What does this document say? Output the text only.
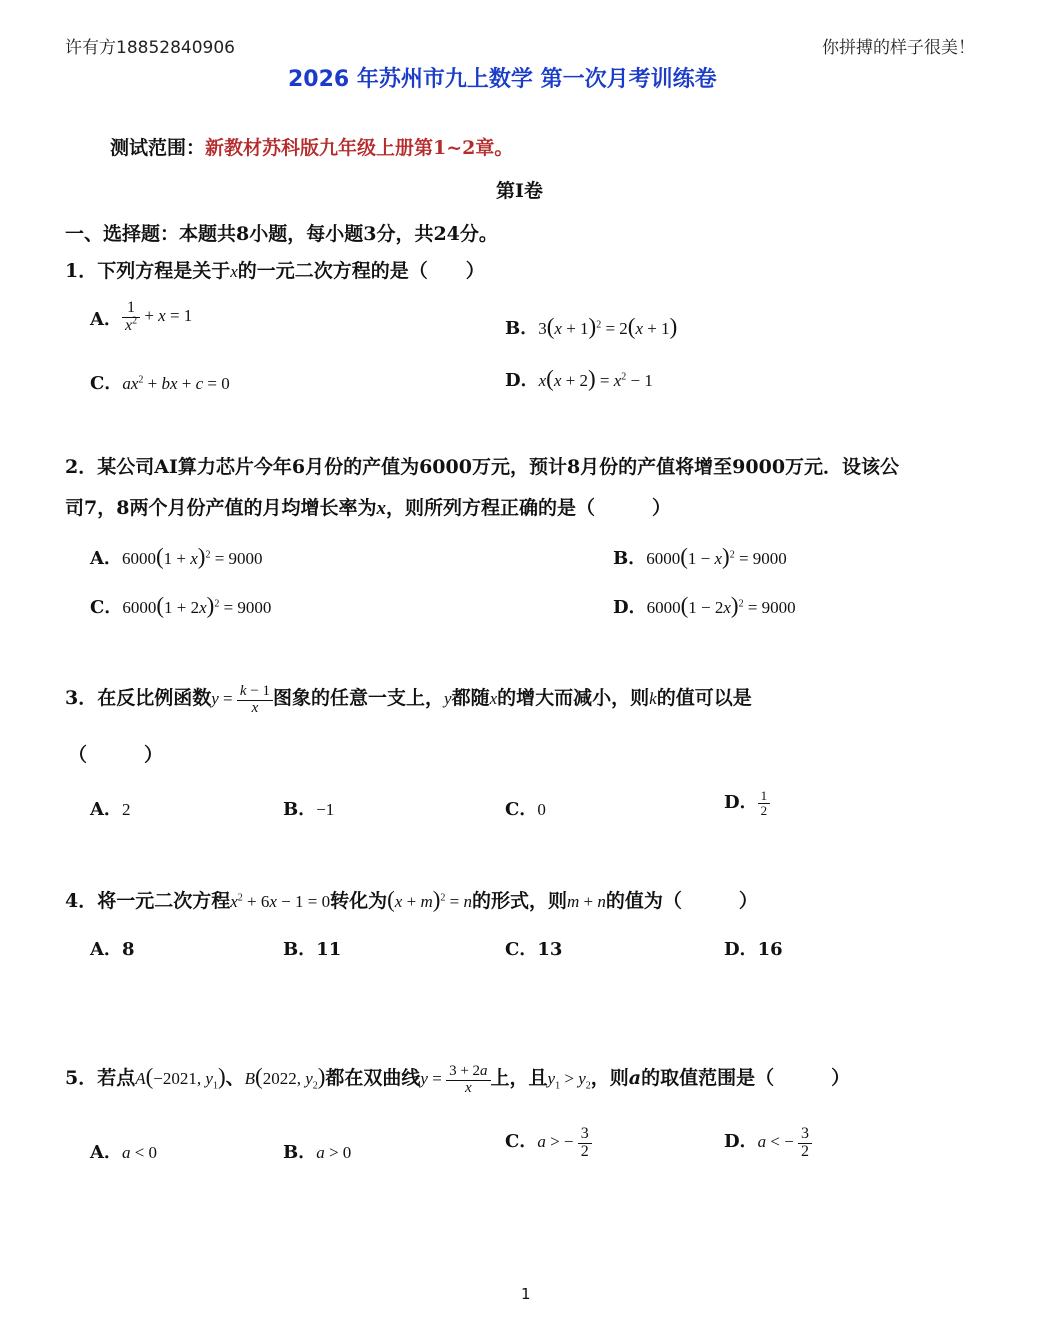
许有方18852840906	你拼搏的样子很美！
2026 年苏州市九上数学 第一次月考训练卷
测试范围：新教材苏科版九年级上册第1~2章。
第Ⅰ卷
一、选择题：本题共8小题，每小题3分，共24分。
1．下列方程是关于x的一元二次方程的是（　　）
A． $\frac{1}{x^2} + x = 1$
B．$3(x + 1)^2 = 2(x + 1)$
C．$ax^2$ + bx + c = 0	D．$x(x + 2) = x^2 - 1$
2．某公司AI算力芯片今年6月份的产值为6000万元，预计8月份的产值将增至9000万元．设该公
司7，8两个月份产值的月均增长率为x，则所列方程正确的是（　　　）
A．$6000(1 + x)^2 = 9000$	B．$6000(1 - x)^2 = 9000$
C．$6000(1 + 2x)^2 = 9000$	D．$6000(1 - 2x)^2 = 9000$
3．在反比例函数$y = \frac{k - 1}{x}$ 图象的任意一支上，y都随x的增大而减小，则k的值可以是
（　　　）
A．2	B．−1	C．0	D． $\frac{1}{2}$
4．将一元二次方程$x^2 + 6x - 1 = 0$转化为$(x + m)^2 = n$的形式，则m + n的值为（　　　）
A．8	B．11	C．13	D．16
5．若点A(−2021, $y_1$)、B(2022, $y_2$)都在双曲线$y = \frac{3 + 2a}{x}$ 上，且$y_1 > y_2$，则a的取值范围是（　　　）
A．a < 0	B．a > 0
C．a > − $\frac{3}{2}$	D．a < − $\frac{3}{2}$
1
